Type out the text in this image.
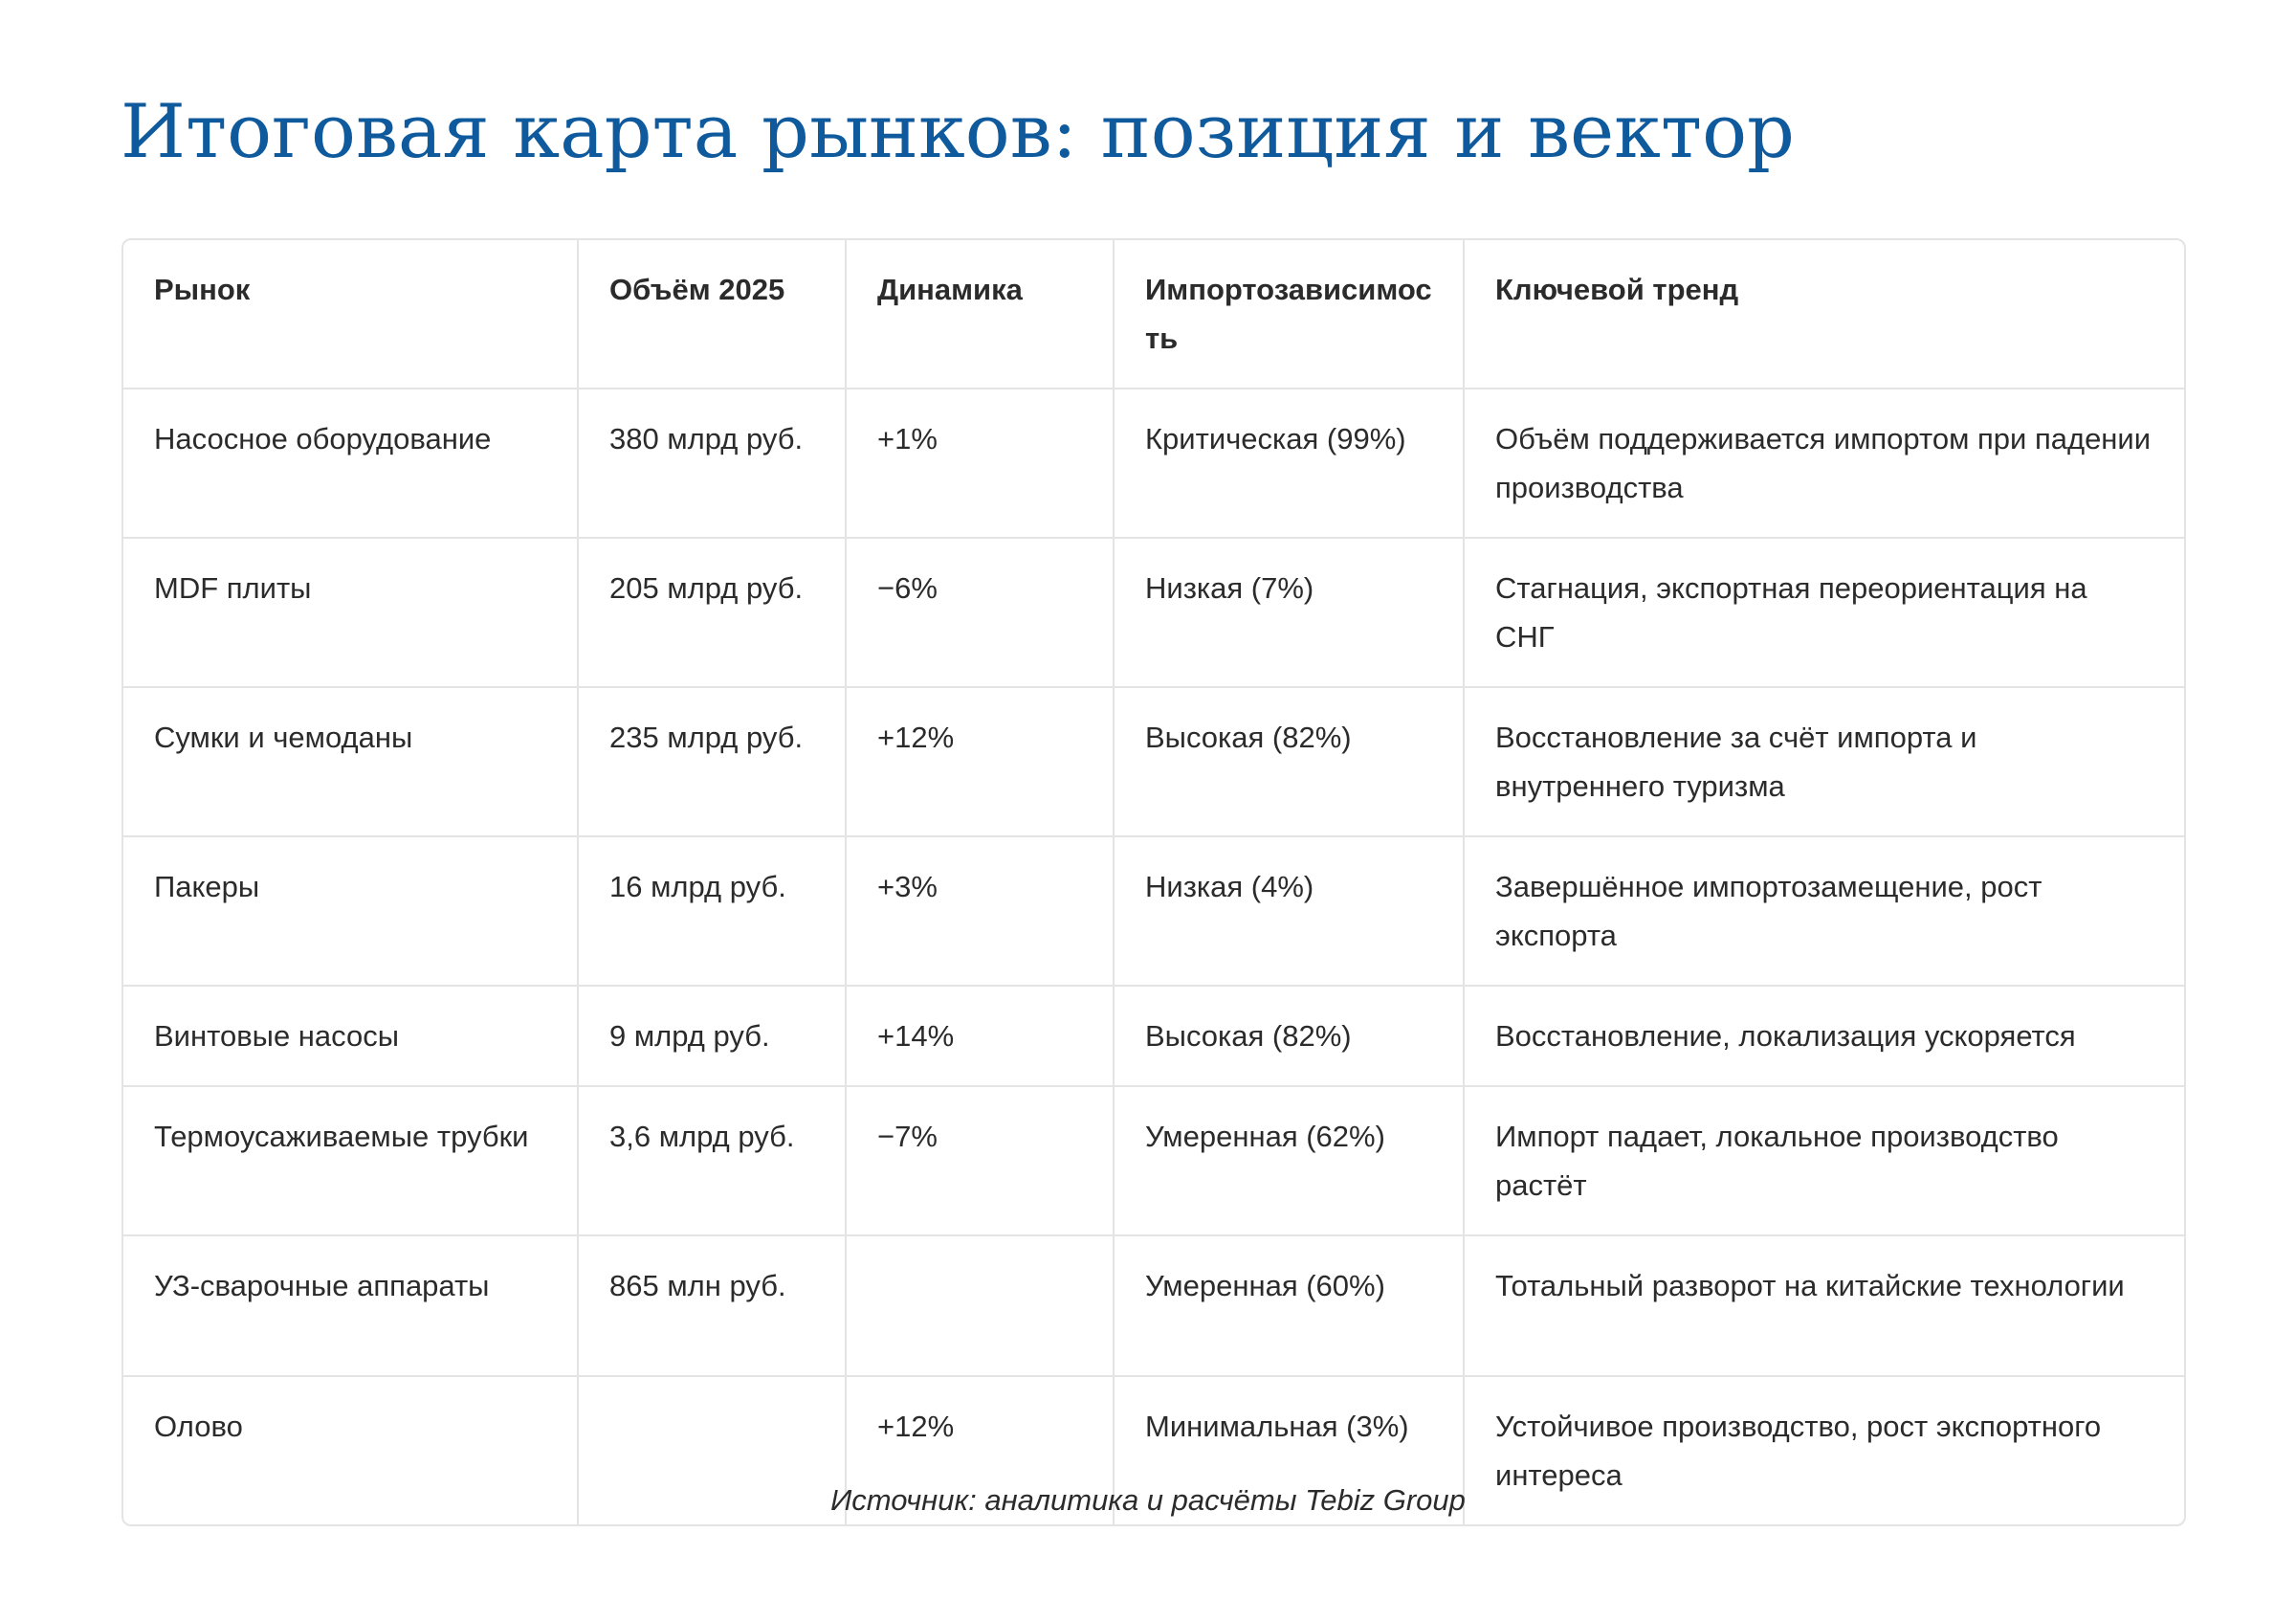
Итоговая карта рынков: позиция и вектор
Рынок	Объём 2025	Динамика	Импортозависимость	Ключевой тренд
Насосное оборудование	380 млрд руб.	+1%	Критическая (99%)	Объём поддерживается импортом при падении производства
MDF плиты	205 млрд руб.	−6%	Низкая (7%)	Стагнация, экспортная переориентация на СНГ
Сумки и чемоданы	235 млрд руб.	+12%	Высокая (82%)	Восстановление за счёт импорта и внутреннего туризма
Пакеры	16 млрд руб.	+3%	Низкая (4%)	Завершённое импортозамещение, рост экспорта
Винтовые насосы	9 млрд руб.	+14%	Высокая (82%)	Восстановление, локализация ускоряется
Термоусаживаемые трубки	3,6 млрд руб.	−7%	Умеренная (62%)	Импорт падает, локальное производство растёт
УЗ-сварочные аппараты	865 млн руб.		Умеренная (60%)	Тотальный разворот на китайские технологии
Олово		+12%	Минимальная (3%)	Устойчивое производство, рост экспортного интереса
Источник: аналитика и расчёты Tebiz Group
